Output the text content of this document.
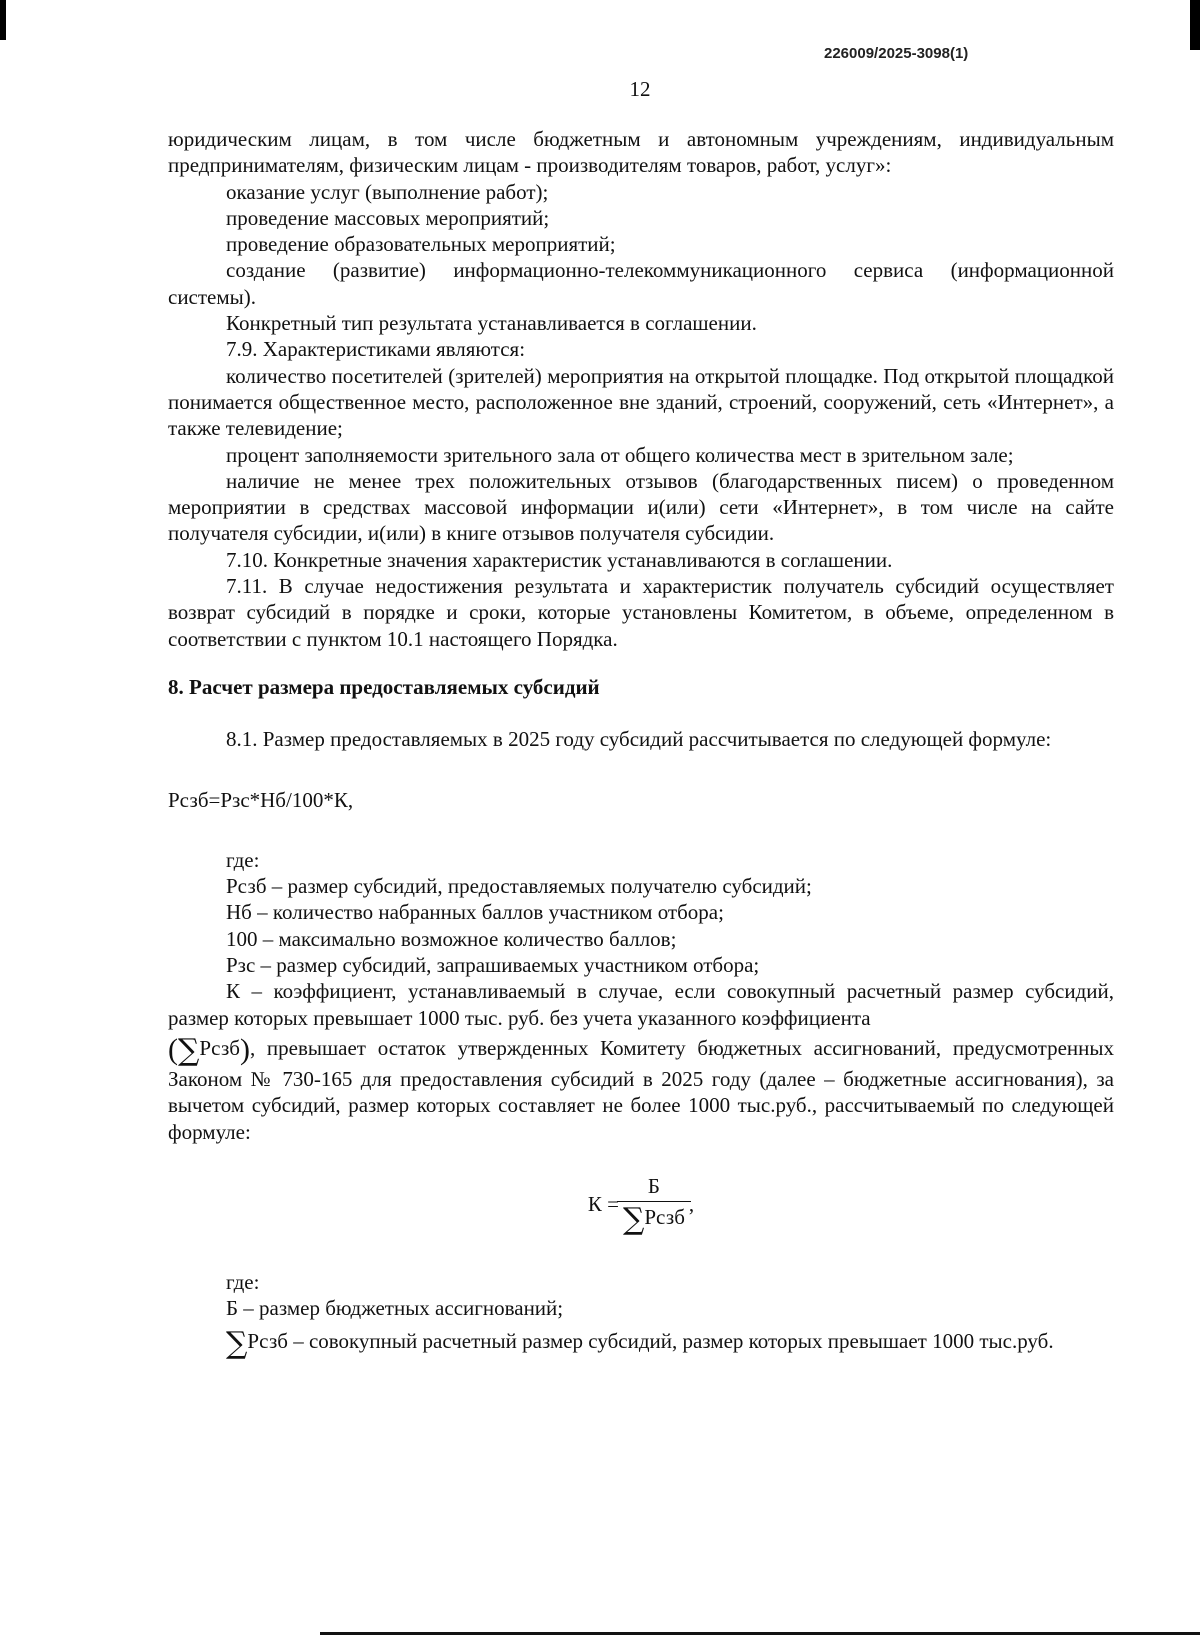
226009/2025-3098(1)
12

юридическим лицам, в том числе бюджетным и автономным учреждениям, индивидуальным предпринимателям, физическим лицам - производителям товаров, работ, услуг»:

оказание услуг (выполнение работ);

проведение массовых мероприятий;

проведение образовательных мероприятий;

создание (развитие) информационно-телекоммуникационного сервиса (информационной системы).

Конкретный тип результата устанавливается в соглашении.

7.9. Характеристиками являются:

количество посетителей (зрителей) мероприятия на открытой площадке. Под открытой площадкой понимается общественное место, расположенное вне зданий, строений, сооружений, сеть «Интернет», а также телевидение;

процент заполняемости зрительного зала от общего количества мест в зрительном зале;

наличие не менее трех положительных отзывов (благодарственных писем) о проведенном мероприятии в средствах массовой информации и(или) сети «Интернет», в том числе на сайте получателя субсидии, и(или) в книге отзывов получателя субсидии.

7.10. Конкретные значения характеристик устанавливаются в соглашении.

7.11. В случае недостижения результата и характеристик получатель субсидий осуществляет возврат субсидий в порядке и сроки, которые установлены Комитетом, в объеме, определенном в соответствии с пунктом 10.1 настоящего Порядка.

8. Расчет размера предоставляемых субсидий

8.1. Размер предоставляемых в 2025 году субсидий рассчитывается по следующей формуле:

Рсзб=Рзс*Нб/100*К,

где:

Рсзб – размер субсидий, предоставляемых получателю субсидий;

Нб – количество набранных баллов участником отбора;

100 – максимально возможное количество баллов;

Рзс – размер субсидий, запрашиваемых участником отбора;

К – коэффициент, устанавливаемый в случае, если совокупный расчетный размер субсидий, размер которых превышает 1000 тыс. руб. без учета указанного коэффициента

(∑Рсзб), превышает остаток утвержденных Комитету бюджетных ассигнований, предусмотренных Законом № 730-165 для предоставления субсидий в 2025 году (далее – бюджетные ассигнования), за вычетом субсидий, размер которых составляет не более 1000 тыс.руб., рассчитываемый по следующей формуле:

$К = \frac{Б}{\text{∑Рсзб}}$ ,

где:

Б – размер бюджетных ассигнований;

∑Рсзб – совокупный расчетный размер субсидий, размер которых превышает 1000 тыс.руб.
